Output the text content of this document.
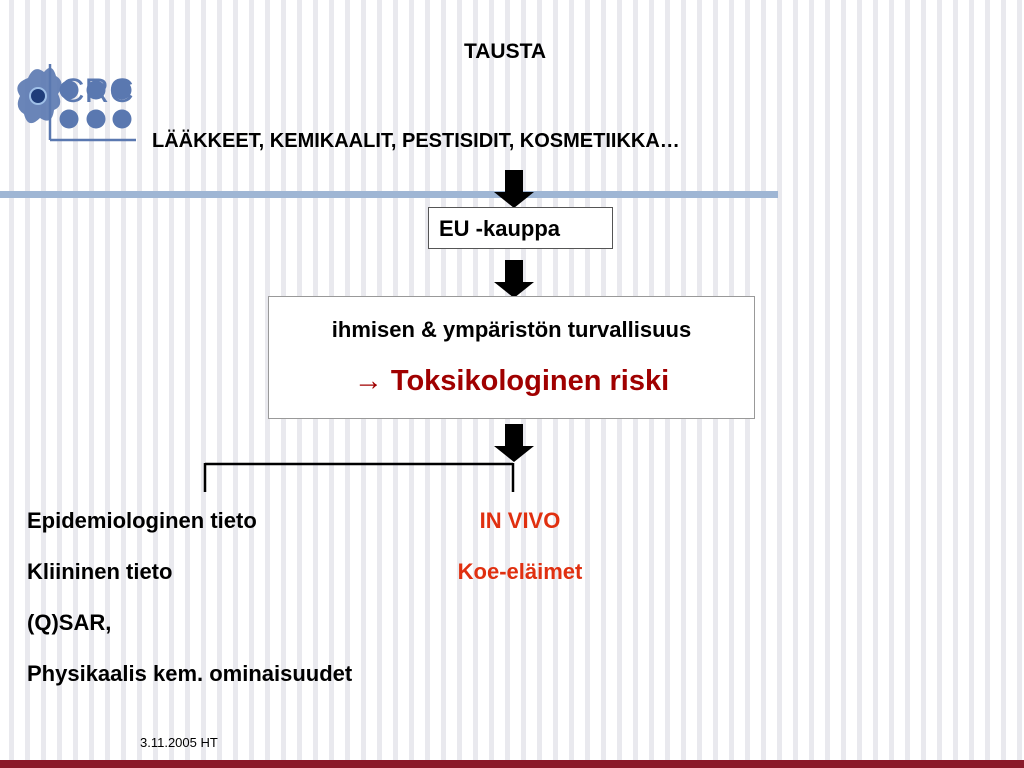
CRC
TAUSTA
LÄÄKKEET, KEMIKAALIT, PESTISIDIT, KOSMETIIKKA…
EU -kauppa
ihmisen & ympäristön turvallisuus
→ Toksikologinen riski
Epidemiologinen tieto
Kliininen tieto
(Q)SAR,
Physikaalis kem. ominaisuudet
IN VIVO
Koe-eläimet
3.11.2005 HT
